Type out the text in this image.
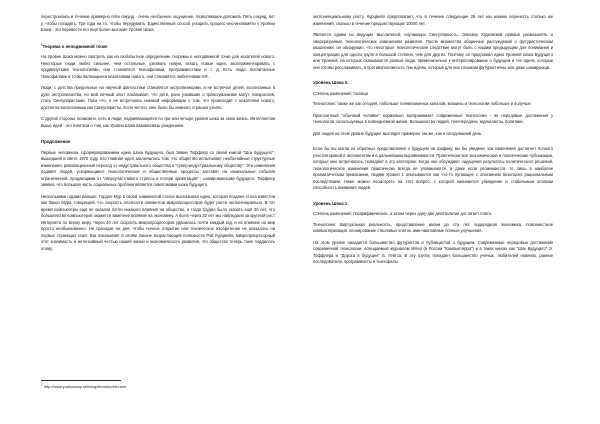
перестроились в течение примерно пяти секунд - очень необычное ощущение, позволяющее доложить Пять секунд, вот у, чтобы посадить. Три года на то, чтобы передумать. Единственный способ ускорить процесс-оно-инопамяти к Уровню Шока - это перевести его ещё более высокие Уровня Шока.

$^1$Теорема о неподвижной точке

На Уровне Шока можно смотреть как на любопытное определение теоремы о неподвижной точке для искателей нового. Некоторые люди любят сильнее, чем остальные, узнавать новую, искать новые идеи, экспериментировать с продвинутыми технологиями, они становятся технофилами, программистами и т. д. Есть люди, воспитанные технофилами и точки являющиеся искателями нового, они становятся любителями НФ.

Люди, с детства предельные на научной фантастики становятся экстропианцами, и не встречал детей, воспитанных в духе экстропианства, но мой личный опыт показывает, что дети, рано узнавшие о трансгуманизме могут, повзрослев, стать Сингуляристами. Пока что, я не встречаюсь никакой информации о том, что происходит с искателем нового, достиггла воспитанным как Сингуляристы. Если честно, мне было бы немного страшно узнать.

С другой стороны, возможно, есть и люди, подниявающиеся по три или четыре уровня шока за свою жизнь. Интеллектом выше идей - это гипотеза о том, как Уровни Шока взаимосвязь рождением.

Продолжение

Первые человеком, сформулированием идею Шока Будущего, был Элвин Тоффлер со своей книгой "Шок Будущего", вышедшей в свете 1970 году. Его главная идея заключалась том, что общество испытывает необычайные структурные изменения, революционный переход от индустриального общества к "супер-индустриальному обществу". Эти изменения подавят людей, ускоряющиеся технологические и общественные процессы заставят на изначальные события ограниченной, продающими от "сверхучастливого стресса и потери ориентации" - шокированными будущего. Тоффлер заявил, что большая часть социальных проблем является симптомами шока будущего.

Несколькими годами раньше, Гордон Мур в своей знаменитой статье высказывал идею, которая позднее стала известна как Закон Мура, говорящей, что скорость плотности элементов микропроцессоров будет расти экспоненциально. В тот время компьютеры ещё не оказали почти никакого влияния на общество, и тогда трудно было сказать ещё 30 лет, что большинство компьютеров окажется заметнее влияние на экономику. А всего через 30 лет мы наблюдали за крупной рост Интернета по всему миру. Через 40 лет скорость микропроцессоров удвоилась почти каждый год, и их влияние на мир просто необыкновенно. Не проходит ни дня, чтобы ночное открытие или техническое изобретение не оказалось на первых страницах газет. Как показывает в своём Законе возрастающей полезности Рэй Курцвейл, микропроцессорный этот значимость и интенсивный честью нашей жизни и экономического развития, что общество теперь тоже поддалось этому.

экспоненциальному росту. Курцвейл предполагает, что в течение следующие 25 лет мы можем перенесть столько же изменений, сколько в течение предшествующих 10000 лет.

Является одним из ведущих мыслителей, изучающих Сингулярность, Элиэзер Юдковский прямые размышлять о сверхразумные технологических изменениях развития. После множества общинные рассуждений о футуристическом мышлении, он обнаружил, что некоторые технологические следствие могут быть с нашим предыдущим для понимания и концентрации для одного групп в большой степени, чем для других. Поэтому он предложил идею Уровней Шока Будущего или Уровней, на которых оказываются разные люди, применительно к интерполирование о будущем и тех идеях, которые они готовы расслаживать, в противоположность тем идеям, которые для них слишком футуристичны или даже шокирующи.

Уровень Шока 0.

Степень изменений: тоскаци

Технологии: также же как сегодня, побольше телевизионных каналов, машины и технологии побольше и получше.

Присоэнтный "обычный человек" нормально воспринимает современные технологии - не передовые достижения у технологов, используемых в повседневной жизни. Большинство людей, телепередачи, журналисты, политики.

Для людей на этом уровне будущее выглядит примерно так же, как и сегодняшний день.

Если бы вы могли из обратных представления о будущем на графику, вы бы увидели, как изменения достигнет полного участия кривой в экспонентам и в дальнейшем выравниваются. Практически все экономические и политические публикации, которые мне встречались, попадают в эту категорию. Когда они обсуждают ощущения результаты политического решений, технологическое изменения практически всегда не упоминаются, и даже если упоминаются, то лишь в наиболее прагматическом прикасании, людям Уровня 1 описываются как что-то пугающее с описанием безопасно рациональным последствием. Ниже можно посмотреть на этот вопрос, с которой начинается убеждение и стабильным хлопком способность внимания людей.

Уровень Шока 1

Степень изменений: Логарифмическое, а затем через одну-две десятилетия достигает плато.

Технологии: Виртуальная реальность, представление жизни до сто лет, водородная экономика, повсеместное компьютеризация; клонирование стволовых клеток, ими наиглавные полные улучшения.

На этом уровне находится большинство футуристов и публицистов о будущем. Современные передовые достижения современной технологии, освещаемые журналом Wired (в России "Компьютерра") и в таких книгах как "Шок Будущего" Э. Тоффлера и "Дорога в будущее" Б. Гейтса. В эту группу попадает большинство учёных, любителей новинок, ранние последователи, программисты и технофилы.

$^1$ http://www.yudkowsky.net/sing/shocklevels.html
